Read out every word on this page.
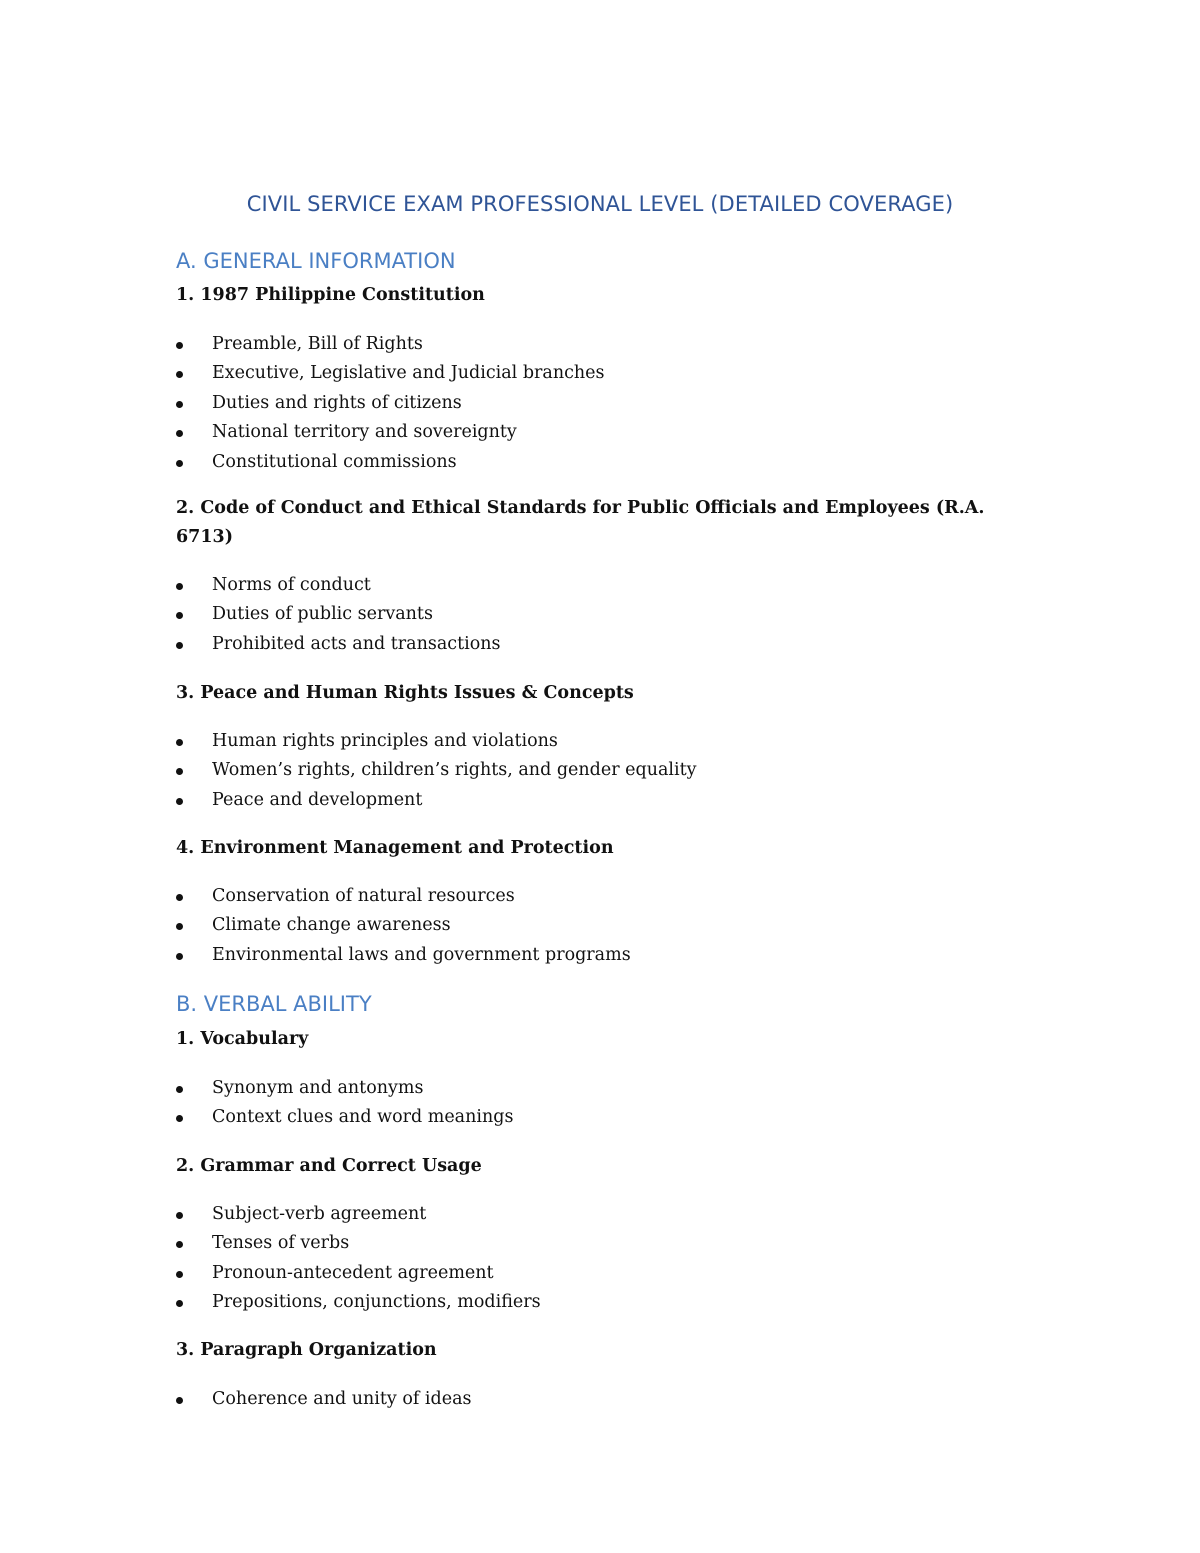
CIVIL SERVICE EXAM PROFESSIONAL LEVEL (DETAILED COVERAGE)
A. GENERAL INFORMATION
1. 1987 Philippine Constitution
Preamble, Bill of Rights
Executive, Legislative and Judicial branches
Duties and rights of citizens
National territory and sovereignty
Constitutional commissions
2. Code of Conduct and Ethical Standards for Public Officials and Employees (R.A. 6713)
Norms of conduct
Duties of public servants
Prohibited acts and transactions
3. Peace and Human Rights Issues & Concepts
Human rights principles and violations
Women’s rights, children’s rights, and gender equality
Peace and development
4. Environment Management and Protection
Conservation of natural resources
Climate change awareness
Environmental laws and government programs
B. VERBAL ABILITY
1. Vocabulary
Synonym and antonyms
Context clues and word meanings
2. Grammar and Correct Usage
Subject-verb agreement
Tenses of verbs
Pronoun-antecedent agreement
Prepositions, conjunctions, modifiers
3. Paragraph Organization
Coherence and unity of ideas
